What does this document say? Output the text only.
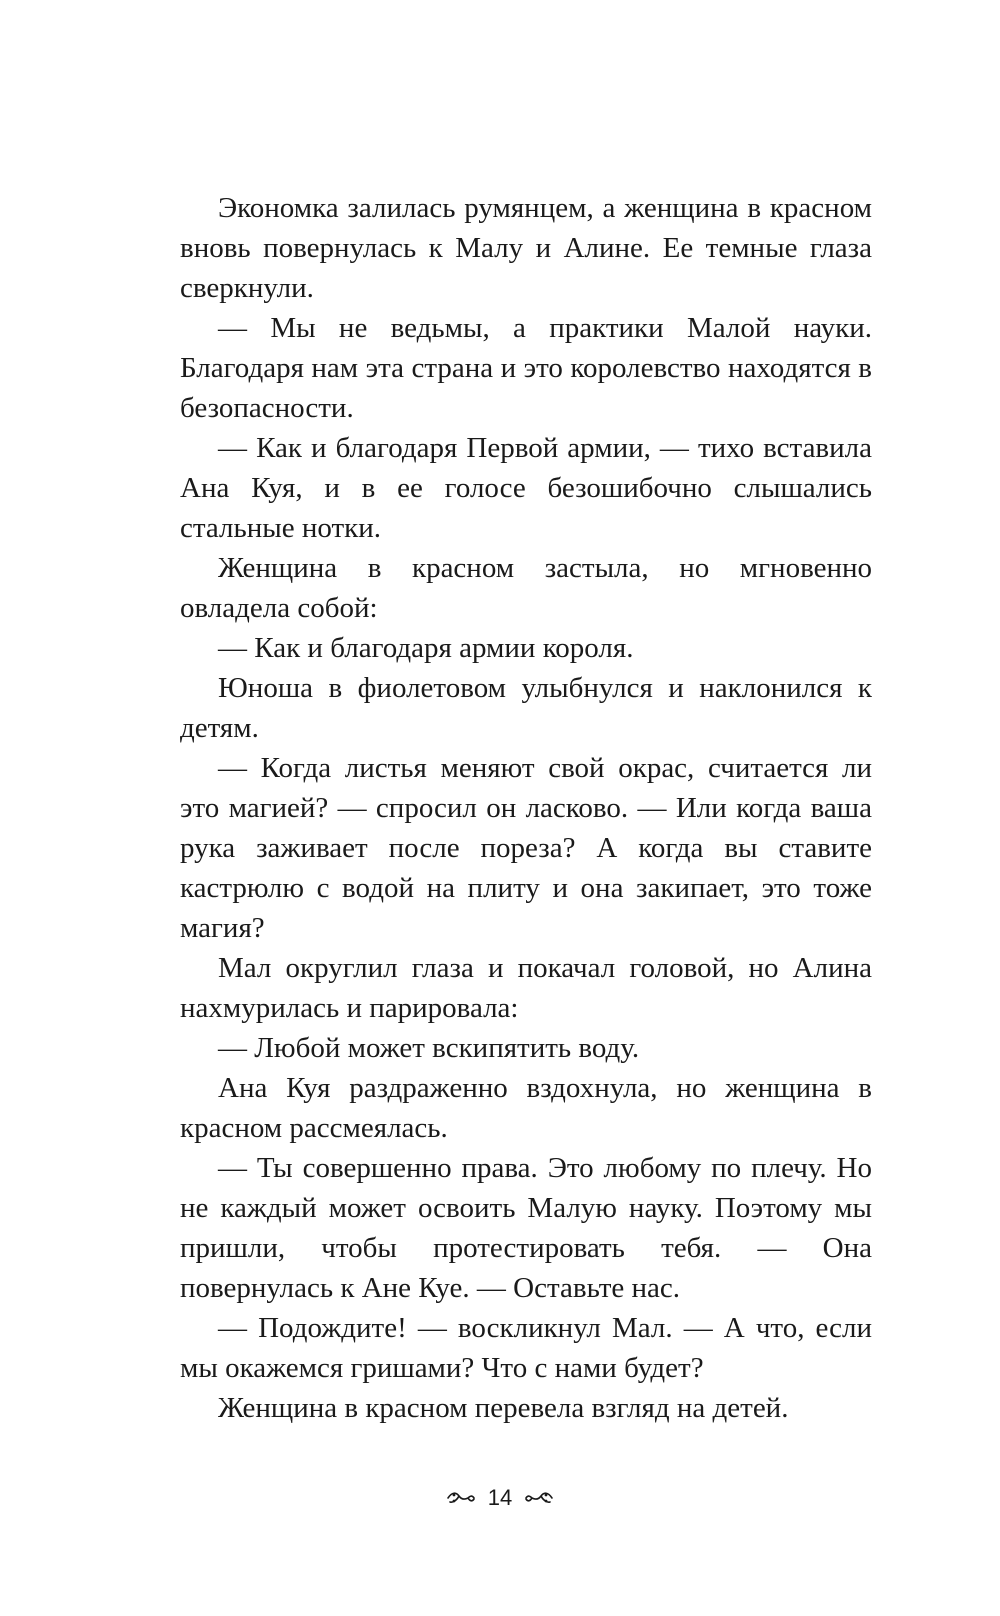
Экономка залилась румянцем, а женщина в красном вновь повернулась к Малу и Алине. Ее темные глаза сверкнули.

— Мы не ведьмы, а практики Малой науки. Благодаря нам эта страна и это королевство находятся в безопасности.

— Как и благодаря Первой армии, — тихо вставила Ана Куя, и в ее голосе безошибочно слышались стальные нотки.

Женщина в красном застыла, но мгновенно овладела собой:

— Как и благодаря армии короля.

Юноша в фиолетовом улыбнулся и наклонился к детям.

— Когда листья меняют свой окрас, считается ли это магией? — спросил он ласково. — Или когда ваша рука заживает после пореза? А когда вы ставите кастрюлю с водой на плиту и она закипает, это тоже магия?

Мал округлил глаза и покачал головой, но Алина нахмурилась и парировала:

— Любой может вскипятить воду.

Ана Куя раздраженно вздохнула, но женщина в красном рассмеялась.

— Ты совершенно права. Это любому по плечу. Но не каждый может освоить Малую науку. Поэтому мы пришли, чтобы протестировать тебя. — Она повернулась к Ане Куе. — Оставьте нас.

— Подождите! — воскликнул Мал. — А что, если мы окажемся гришами? Что с нами будет?

Женщина в красном перевела взгляд на детей.

14
